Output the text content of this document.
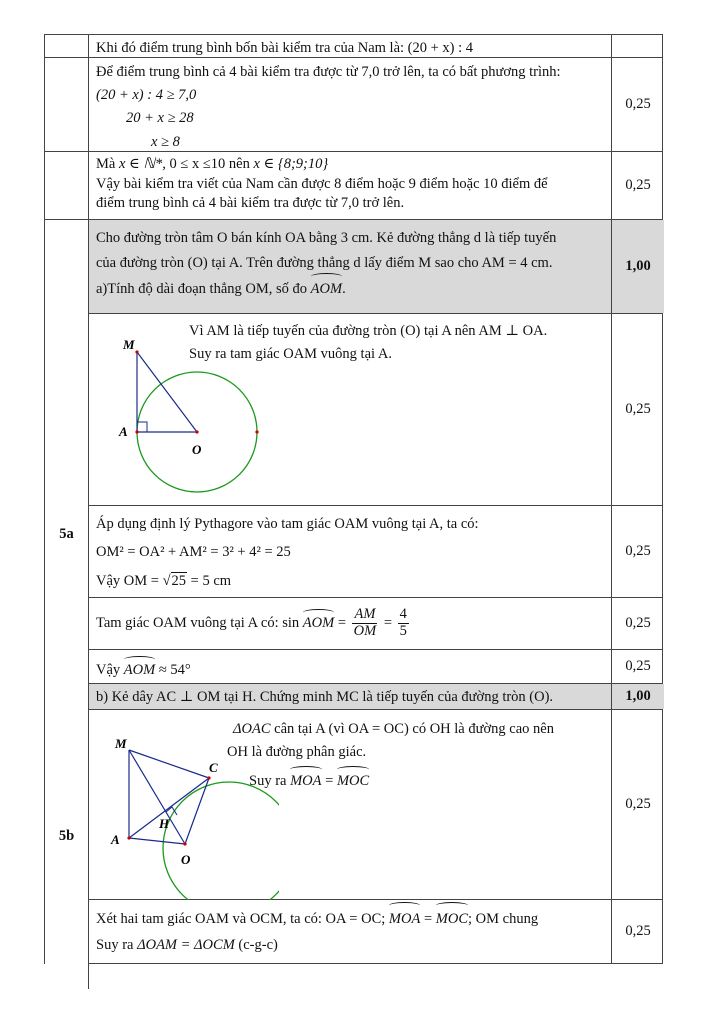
Khi đó điểm trung bình bốn bài kiểm tra của Nam là: (20 + x) : 4
Để điểm trung bình cả 4 bài kiểm tra được từ 7,0 trở lên, ta có bất phương trình:
(20 + x) : 4 ≥ 7,0
20 + x ≥ 28
x ≥ 8
0,25
Mà x ∈ ℕ*, 0 ≤ x ≤10 nên x ∈ {8;9;10}
Vậy bài kiểm tra viết của Nam cần được 8 điểm hoặc 9 điểm hoặc 10 điểm để
điểm trung bình cả 4 bài kiểm tra được từ 7,0 trở lên.
0,25
5a
Cho đường tròn tâm O bán kính OA bằng 3 cm. Kẻ đường thẳng d là tiếp tuyến
của đường tròn (O) tại A. Trên đường thẳng d lấy điểm M sao cho AM = 4 cm.
a)Tính độ dài đoạn thẳng OM, số đo AOM.
1,00
M
A
O
Vì AM là tiếp tuyến của đường tròn (O) tại A nên AM ⊥ OA.
Suy ra tam giác OAM vuông tại A.
0,25
Áp dụng định lý Pythagore vào tam giác OAM vuông tại A, ta có:
OM² = OA² + AM² = 3² + 4² = 25
Vậy OM = √25 = 5 cm
0,25
Tam giác OAM vuông tại A có: sin AOM = $\frac{AM}{OM} = \frac{4}{5}$	0,25
Vậy AOM ≈ 54°	0,25
5b
b) Kẻ dây AC ⊥ OM tại H. Chứng minh MC là tiếp tuyến của đường tròn (O).	1,00
M
C
H
A
O
ΔOAC cân tại A (vì OA = OC) có OH là đường cao nên
OH là đường phân giác.
Suy ra MOA = MOC
0,25
Xét hai tam giác OAM và OCM, ta có: OA = OC; MOA = MOC; OM chung
Suy ra ΔOAM = ΔOCM (c-g-c)
0,25
